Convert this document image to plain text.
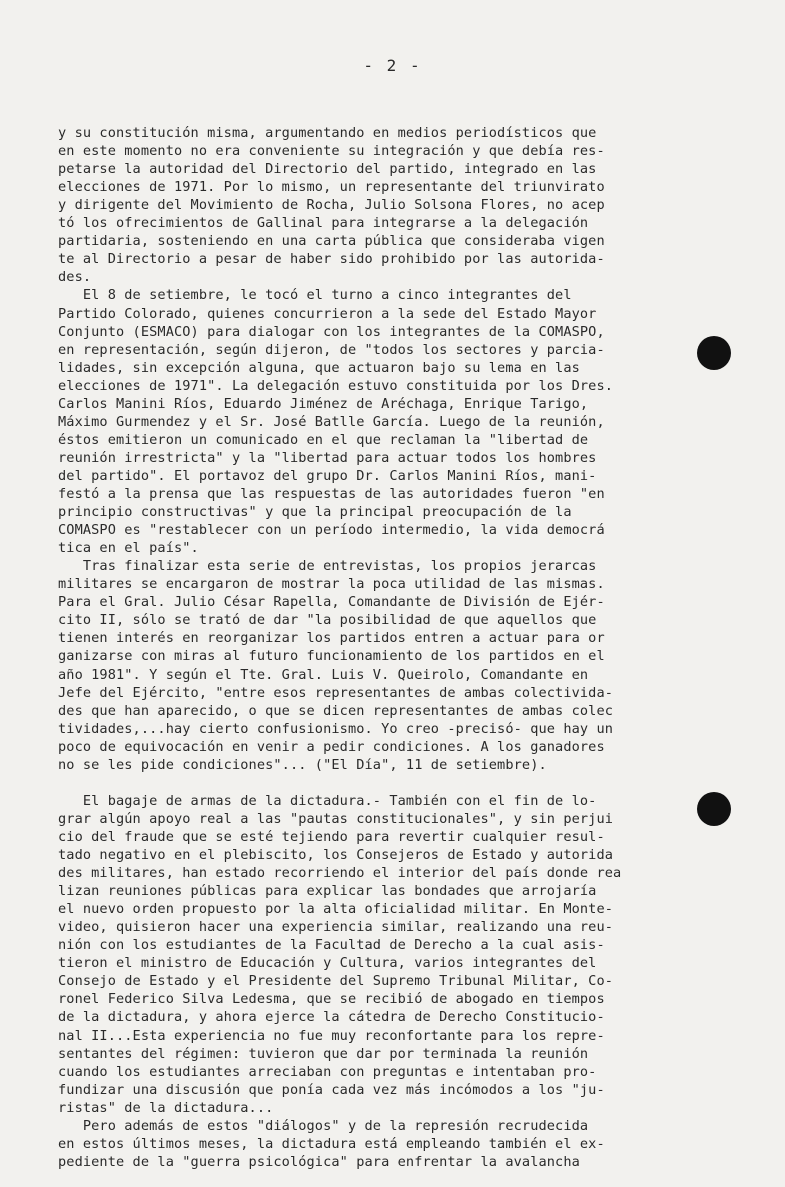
- 2 -
y su constitución misma, argumentando en medios periodísticos que
en este momento no era conveniente su integración y que debía res-
petarse la autoridad del Directorio del partido, integrado en las
elecciones de 1971. Por lo mismo, un representante del triunvirato
y dirigente del Movimiento de Rocha, Julio Solsona Flores, no acep
tó los ofrecimientos de Gallinal para integrarse a la delegación
partidaria, sosteniendo en una carta pública que consideraba vigen
te al Directorio a pesar de haber sido prohibido por las autorida-
des.
El 8 de setiembre, le tocó el turno a cinco integrantes del
Partido Colorado, quienes concurrieron a la sede del Estado Mayor
Conjunto (ESMACO) para dialogar con los integrantes de la COMASPO,
en representación, según dijeron, de "todos los sectores y parcia-
lidades, sin excepción alguna, que actuaron bajo su lema en las
elecciones de 1971". La delegación estuvo constituida por los Dres.
Carlos Manini Ríos, Eduardo Jiménez de Aréchaga, Enrique Tarigo,
Máximo Gurmendez y el Sr. José Batlle García. Luego de la reunión,
éstos emitieron un comunicado en el que reclaman la "libertad de
reunión irrestricta" y la "libertad para actuar todos los hombres
del partido". El portavoz del grupo Dr. Carlos Manini Ríos, mani-
festó a la prensa que las respuestas de las autoridades fueron "en
principio constructivas" y que la principal preocupación de la
COMASPO es "restablecer con un período intermedio, la vida democrá
tica en el país".
Tras finalizar esta serie de entrevistas, los propios jerarcas
militares se encargaron de mostrar la poca utilidad de las mismas.
Para el Gral. Julio César Rapella, Comandante de División de Ejér-
cito II, sólo se trató de dar "la posibilidad de que aquellos que
tienen interés en reorganizar los partidos entren a actuar para or
ganizarse con miras al futuro funcionamiento de los partidos en el
año 1981". Y según el Tte. Gral. Luis V. Queirolo, Comandante en
Jefe del Ejército, "entre esos representantes de ambas colectivida-
des que han aparecido, o que se dicen representantes de ambas colec
tividades,...hay cierto confusionismo. Yo creo -precisó- que hay un
poco de equivocación en venir a pedir condiciones. A los ganadores
no se les pide condiciones"... ("El Día", 11 de setiembre).
El bagaje de armas de la dictadura.- También con el fin de lo-
grar algún apoyo real a las "pautas constitucionales", y sin perjui
cio del fraude que se esté tejiendo para revertir cualquier resul-
tado negativo en el plebiscito, los Consejeros de Estado y autorida
des militares, han estado recorriendo el interior del país donde rea
lizan reuniones públicas para explicar las bondades que arrojaría
el nuevo orden propuesto por la alta oficialidad militar. En Monte-
video, quisieron hacer una experiencia similar, realizando una reu-
nión con los estudiantes de la Facultad de Derecho a la cual asis-
tieron el ministro de Educación y Cultura, varios integrantes del
Consejo de Estado y el Presidente del Supremo Tribunal Militar, Co-
ronel Federico Silva Ledesma, que se recibió de abogado en tiempos
de la dictadura, y ahora ejerce la cátedra de Derecho Constitucio-
nal II...Esta experiencia no fue muy reconfortante para los repre-
sentantes del régimen: tuvieron que dar por terminada la reunión
cuando los estudiantes arreciaban con preguntas e intentaban pro-
fundizar una discusión que ponía cada vez más incómodos a los "ju-
ristas" de la dictadura...
Pero además de estos "diálogos" y de la represión recrudecida
en estos últimos meses, la dictadura está empleando también el ex-
pediente de la "guerra psicológica" para enfrentar la avalancha
